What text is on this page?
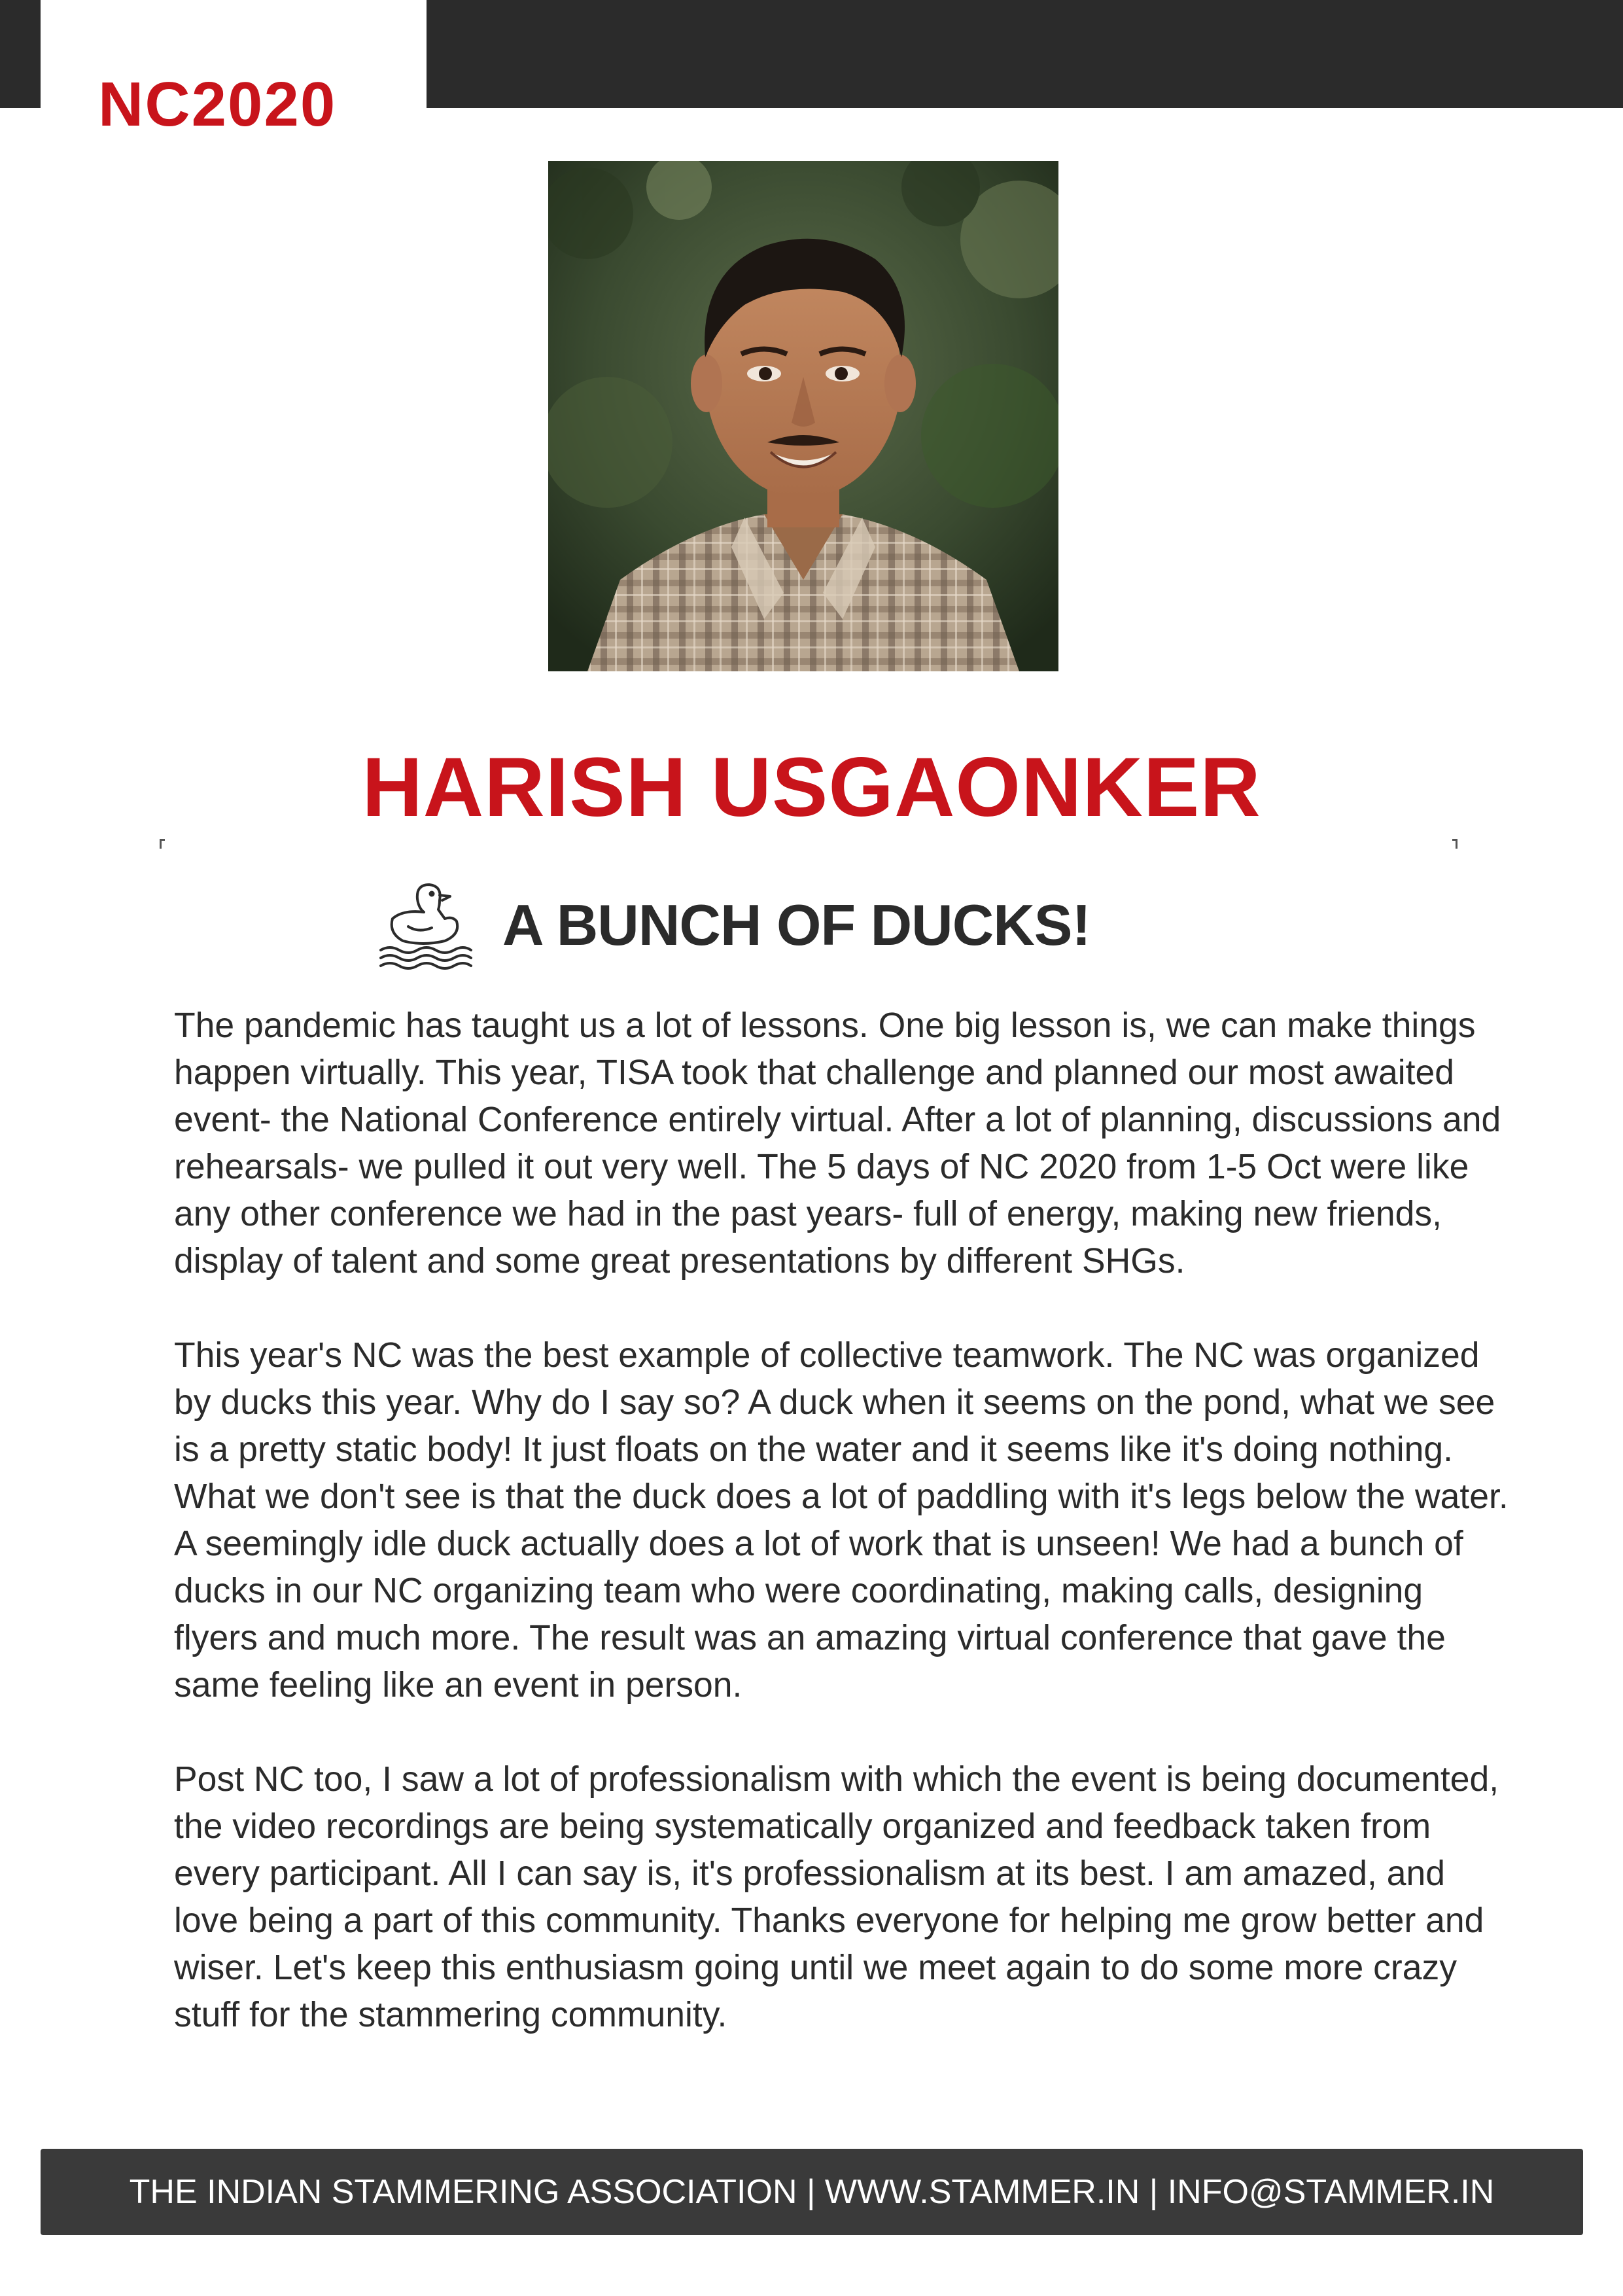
NC2020
HARISH USGAONKER
A BUNCH OF DUCKS!

The pandemic has taught us a lot of lessons. One big lesson is, we can make things happen virtually. This year, TISA took that challenge and planned our most awaited event- the National Conference entirely virtual. After a lot of planning, discussions and rehearsals- we pulled it out very well. The 5 days of NC 2020 from 1-5 Oct were like any other conference we had in the past years- full of energy, making new friends, display of talent and some great presentations by different SHGs.

This year's NC was the best example of collective teamwork. The NC was organized by ducks this year. Why do I say so? A duck when it seems on the pond, what we see is a pretty static body! It just floats on the water and it seems like it's doing nothing. What we don't see is that the duck does a lot of paddling with it's legs below the water. A seemingly idle duck actually does a lot of work that is unseen! We had a bunch of ducks in our NC organizing team who were coordinating, making calls, designing flyers and much more. The result was an amazing virtual conference that gave the same feeling like an event in person.

Post NC too, I saw a lot of professionalism with which the event is being documented, the video recordings are being systematically organized and feedback taken from every participant. All I can say is, it's professionalism at its best. I am amazed, and love being a part of this community. Thanks everyone for helping me grow better and wiser. Let's keep this enthusiasm going until we meet again to do some more crazy stuff for the stammering community.

THE INDIAN STAMMERING ASSOCIATION | WWW.STAMMER.IN | INFO@STAMMER.IN
